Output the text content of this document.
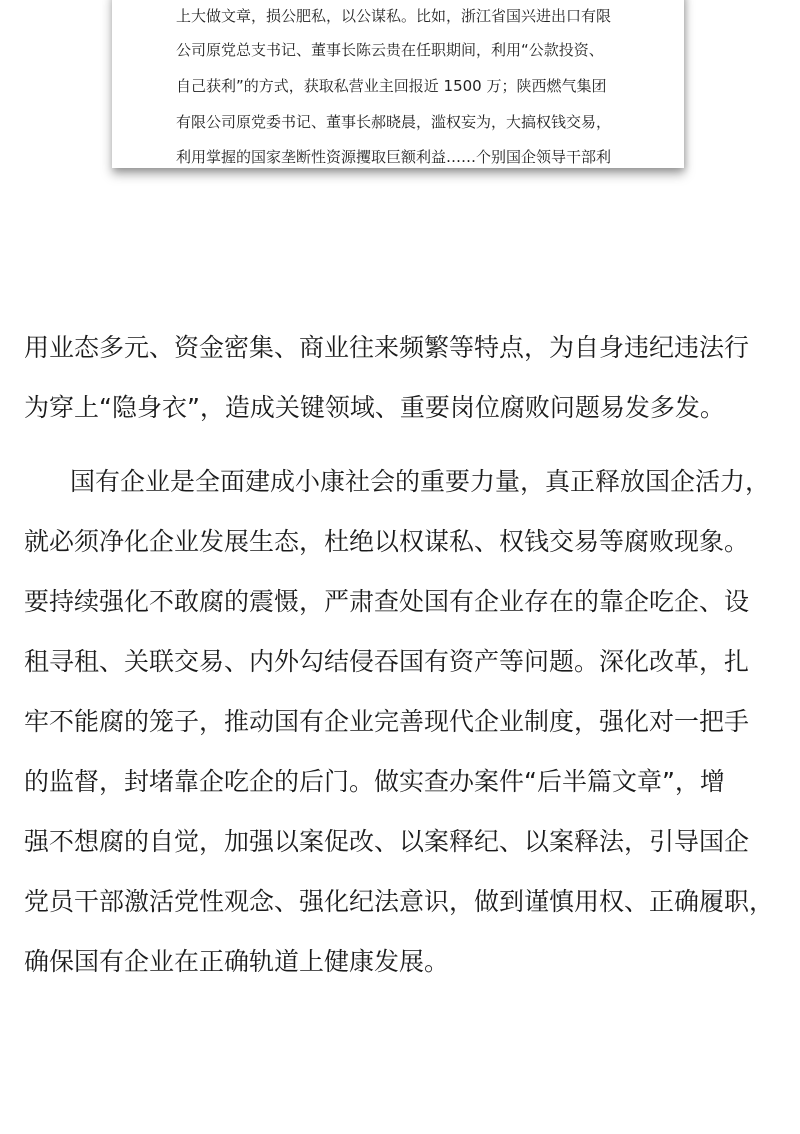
上大做文章，损公肥私，以公谋私。比如，浙江省国兴进出口有限
公司原党总支书记、董事长陈云贵在任职期间，利用“公款投资、
自己获利”的方式，获取私营业主回报近 1500 万；陕西燃气集团
有限公司原党委书记、董事长郝晓晨，滥权妄为，大搞权钱交易，
利用掌握的国家垄断性资源攫取巨额利益……个别国企领导干部利
用业态多元、资金密集、商业往来频繁等特点，为自身违纪违法行
为穿上“隐身衣”，造成关键领域、重要岗位腐败问题易发多发。
国有企业是全面建成小康社会的重要力量，真正释放国企活力，
就必须净化企业发展生态，杜绝以权谋私、权钱交易等腐败现象。
要持续强化不敢腐的震慑，严肃查处国有企业存在的靠企吃企、设
租寻租、关联交易、内外勾结侵吞国有资产等问题。深化改革，扎
牢不能腐的笼子，推动国有企业完善现代企业制度，强化对一把手
的监督，封堵靠企吃企的后门。做实查办案件“后半篇文章”，增
强不想腐的自觉，加强以案促改、以案释纪、以案释法，引导国企
党员干部激活党性观念、强化纪法意识，做到谨慎用权、正确履职，
确保国有企业在正确轨道上健康发展。
